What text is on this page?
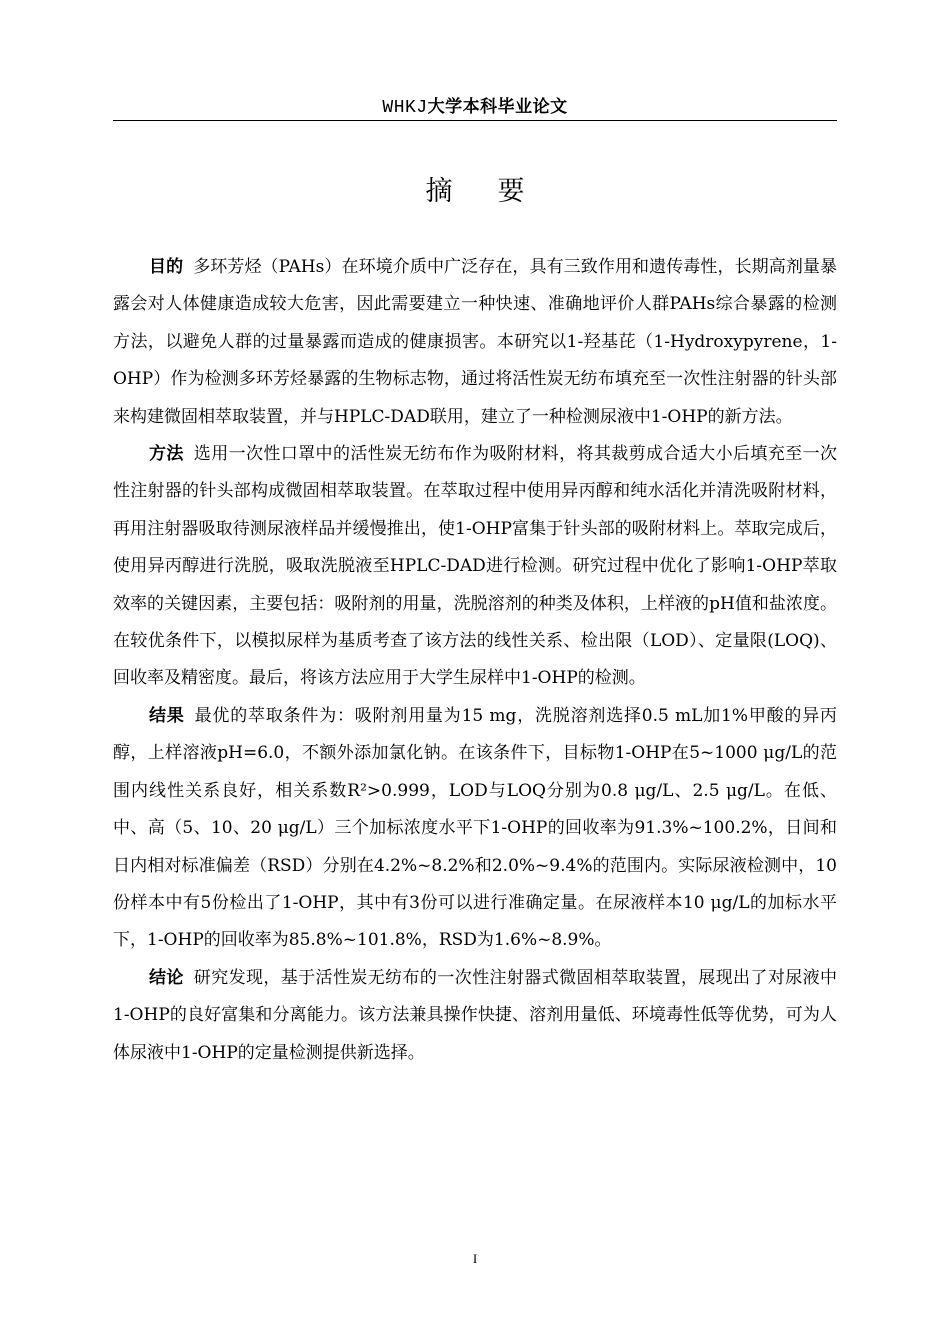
WHKJ大学本科毕业论文
摘要

目的 多环芳烃（PAHs）在环境介质中广泛存在，具有三致作用和遗传毒性，长期高剂量暴露会对人体健康造成较大危害，因此需要建立一种快速、准确地评价人群PAHs综合暴露的检测方法，以避免人群的过量暴露而造成的健康损害。本研究以1-羟基芘（1-Hydroxypyrene，1-OHP）作为检测多环芳烃暴露的生物标志物，通过将活性炭无纺布填充至一次性注射器的针头部来构建微固相萃取装置，并与HPLC-DAD联用，建立了一种检测尿液中1-OHP的新方法。

方法 选用一次性口罩中的活性炭无纺布作为吸附材料，将其裁剪成合适大小后填充至一次性注射器的针头部构成微固相萃取装置。在萃取过程中使用异丙醇和纯水活化并清洗吸附材料，再用注射器吸取待测尿液样品并缓慢推出，使1-OHP富集于针头部的吸附材料上。萃取完成后，使用异丙醇进行洗脱，吸取洗脱液至HPLC-DAD进行检测。研究过程中优化了影响1-OHP萃取效率的关键因素，主要包括：吸附剂的用量，洗脱溶剂的种类及体积，上样液的pH值和盐浓度。在较优条件下，以模拟尿样为基质考查了该方法的线性关系、检出限（LOD）、定量限(LOQ)、回收率及精密度。最后，将该方法应用于大学生尿样中1-OHP的检测。

结果 最优的萃取条件为：吸附剂用量为15 mg，洗脱溶剂选择0.5 mL加1%甲酸的异丙醇，上样溶液pH=6.0，不额外添加氯化钠。在该条件下，目标物1-OHP在5~1000 μg/L的范围内线性关系良好，相关系数R²>0.999，LOD与LOQ分别为0.8 μg/L、2.5 μg/L。在低、中、高（5、10、20 μg/L）三个加标浓度水平下1-OHP的回收率为91.3%~100.2%，日间和日内相对标准偏差（RSD）分别在4.2%~8.2%和2.0%~9.4%的范围内。实际尿液检测中，10份样本中有5份检出了1-OHP，其中有3份可以进行准确定量。在尿液样本10 μg/L的加标水平下，1-OHP的回收率为85.8%~101.8%，RSD为1.6%~8.9%。

结论 研究发现，基于活性炭无纺布的一次性注射器式微固相萃取装置，展现出了对尿液中1-OHP的良好富集和分离能力。该方法兼具操作快捷、溶剂用量低、环境毒性低等优势，可为人体尿液中1-OHP的定量检测提供新选择。

I
